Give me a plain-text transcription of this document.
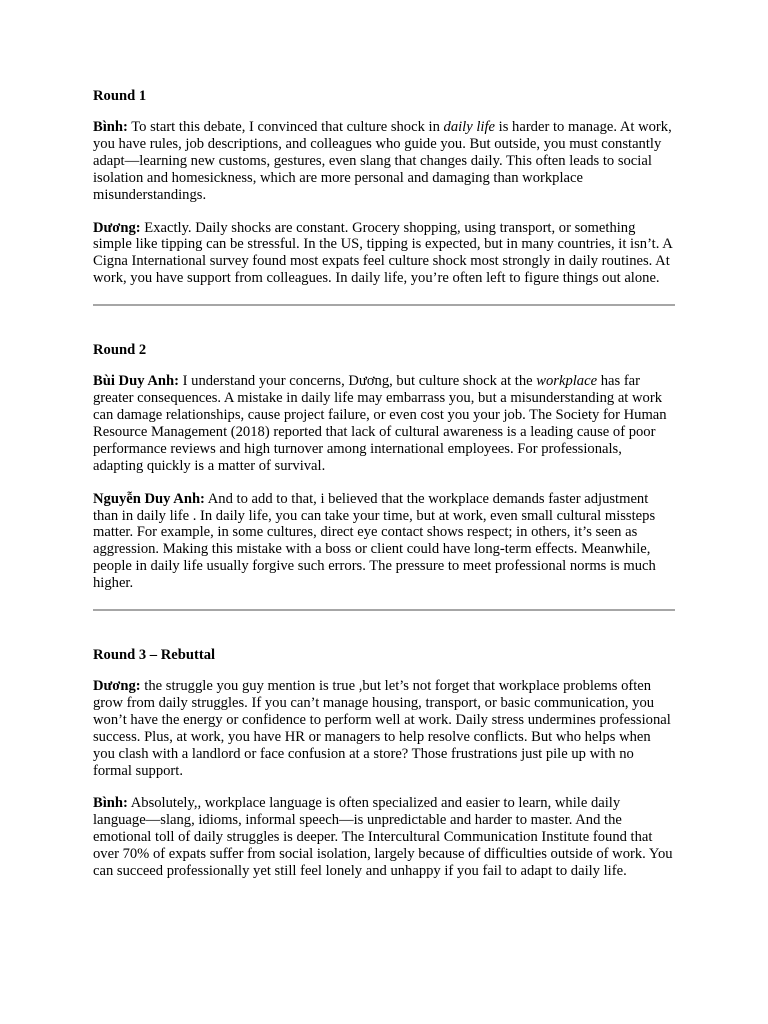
Round 1

Bình: To start this debate, I convinced that culture shock in daily life is harder to manage. At work, you have rules, job descriptions, and colleagues who guide you. But outside, you must constantly adapt—learning new customs, gestures, even slang that changes daily. This often leads to social isolation and homesickness, which are more personal and damaging than workplace misunderstandings.

Dương: Exactly. Daily shocks are constant. Grocery shopping, using transport, or something simple like tipping can be stressful. In the US, tipping is expected, but in many countries, it isn’t. A Cigna International survey found most expats feel culture shock most strongly in daily routines. At work, you have support from colleagues. In daily life, you’re often left to figure things out alone.

Round 2

Bùi Duy Anh: I understand your concerns, Dương, but culture shock at the workplace has far greater consequences. A mistake in daily life may embarrass you, but a misunderstanding at work can damage relationships, cause project failure, or even cost you your job. The Society for Human Resource Management (2018) reported that lack of cultural awareness is a leading cause of poor performance reviews and high turnover among international employees. For professionals, adapting quickly is a matter of survival.

Nguyễn Duy Anh: And to add to that, i believed that the workplace demands faster adjustment than in daily life . In daily life, you can take your time, but at work, even small cultural missteps matter. For example, in some cultures, direct eye contact shows respect; in others, it’s seen as aggression. Making this mistake with a boss or client could have long-term effects. Meanwhile, people in daily life usually forgive such errors. The pressure to meet professional norms is much higher.

Round 3 – Rebuttal

Dương: the struggle you guy mention is true ,but let’s not forget that workplace problems often grow from daily struggles. If you can’t manage housing, transport, or basic communication, you won’t have the energy or confidence to perform well at work. Daily stress undermines professional success. Plus, at work, you have HR or managers to help resolve conflicts. But who helps when you clash with a landlord or face confusion at a store? Those frustrations just pile up with no formal support.

Bình: Absolutely,, workplace language is often specialized and easier to learn, while daily language—slang, idioms, informal speech—is unpredictable and harder to master. And the emotional toll of daily struggles is deeper. The Intercultural Communication Institute found that over 70% of expats suffer from social isolation, largely because of difficulties outside of work. You can succeed professionally yet still feel lonely and unhappy if you fail to adapt to daily life.
